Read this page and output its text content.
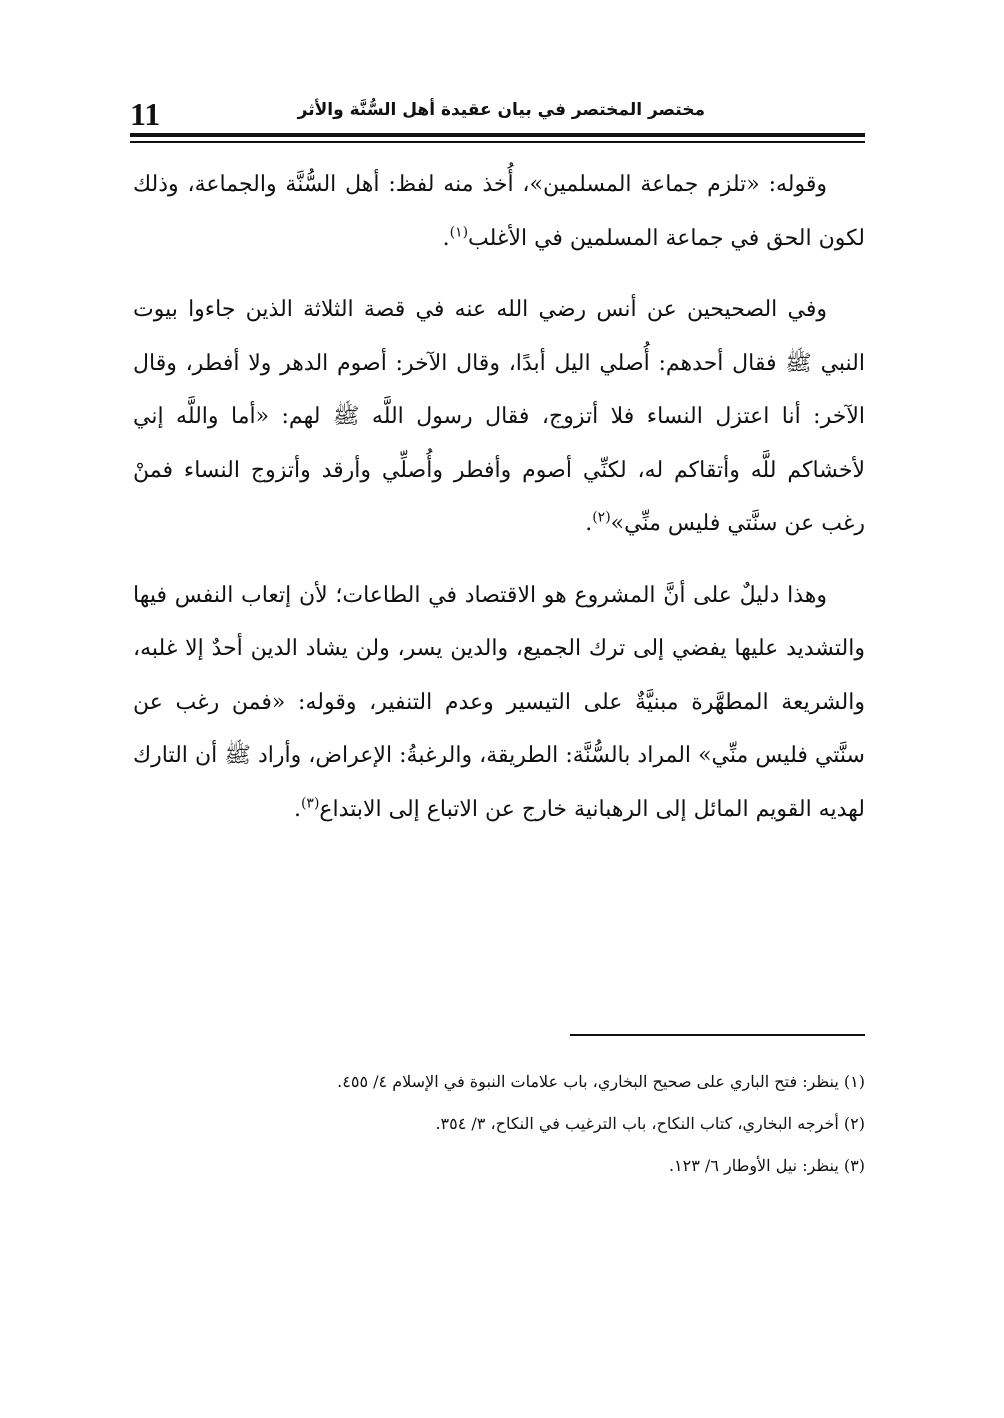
11	مختصر المختصر في بيان عقيدة أهل السُّنَّة والأثر

وقوله: «تلزم جماعة المسلمين»، أُخذ منه لفظ: أهل السُّنَّة والجماعة، وذلك لكون الحق في جماعة المسلمين في الأغلب$^{(١)}$.

وفي الصحيحين عن أنس رضي الله عنه في قصة الثلاثة الذين جاءوا بيوت النبي ﷺ فقال أحدهم: أُصلي اليل أبدًا، وقال الآخر: أصوم الدهر ولا أفطر، وقال الآخر: أنا اعتزل النساء فلا أتزوج، فقال رسول اللَّه ﷺ لهم: «أما واللَّه إني لأخشاكم للَّه وأتقاكم له، لكنِّي أصوم وأفطر وأُصلِّي وأرقد وأتزوج النساء فمنْ رغب عن سنَّتي فليس منِّي»$^{(٢)}$.

وهذا دليلٌ على أنَّ المشروع هو الاقتصاد في الطاعات؛ لأن إتعاب النفس فيها والتشديد عليها يفضي إلى ترك الجميع، والدين يسر، ولن يشاد الدين أحدٌ إلا غلبه، والشريعة المطهَّرة مبنيَّةٌ على التيسير وعدم التنفير، وقوله: «فمن رغب عن سنَّتي فليس منِّي» المراد بالسُّنَّة: الطريقة، والرغبةُ: الإعراض، وأراد ﷺ أن التارك لهديه القويم المائل إلى الرهبانية خارج عن الاتباع إلى الابتداع$^{(٣)}$.

(١) ينظر: فتح الباري على صحيح البخاري، باب علامات النبوة في الإسلام ٤/ ٤٥٥.

(٢) أخرجه البخاري، كتاب النكاح، باب الترغيب في النكاح، ٣/ ٣٥٤.

(٣) ينظر: نيل الأوطار ٦/ ١٢٣.
